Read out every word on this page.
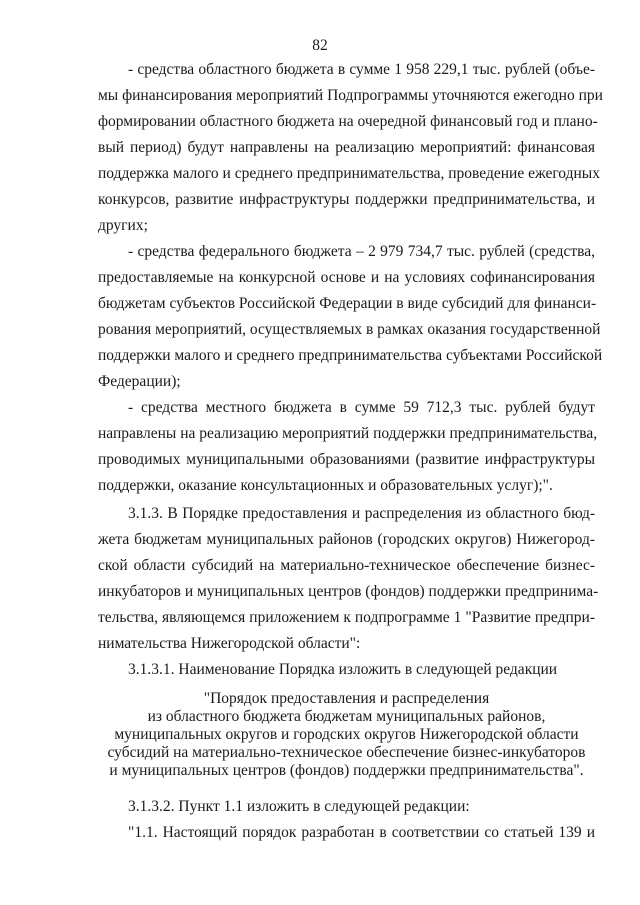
82
- средства областного бюджета в сумме 1 958 229,1 тыс. рублей (объе-
мы финансирования мероприятий Подпрограммы уточняются ежегодно при
формировании областного бюджета на очередной финансовый год и плано-
вый период) будут направлены на реализацию мероприятий: финансовая
поддержка малого и среднего предпринимательства, проведение ежегодных
конкурсов, развитие инфраструктуры поддержки предпринимательства, и
других;
- средства федерального бюджета – 2 979 734,7 тыс. рублей (средства,
предоставляемые на конкурсной основе и на условиях софинансирования
бюджетам субъектов Российской Федерации в виде субсидий для финанси-
рования мероприятий, осуществляемых в рамках оказания государственной
поддержки малого и среднего предпринимательства субъектами Российской
Федерации);
- средства местного бюджета в сумме 59 712,3 тыс. рублей будут
направлены на реализацию мероприятий поддержки предпринимательства,
проводимых муниципальными образованиями (развитие инфраструктуры
поддержки, оказание консультационных и образовательных услуг);".
3.1.3. В Порядке предоставления и распределения из областного бюд-
жета бюджетам муниципальных районов (городских округов) Нижегород-
ской области субсидий на материально-техническое обеспечение бизнес-
инкубаторов и муниципальных центров (фондов) поддержки предпринима-
тельства, являющемся приложением к подпрограмме 1 "Развитие предпри-
нимательства Нижегородской области":
3.1.3.1. Наименование Порядка изложить в следующей редакции
"Порядок предоставления и распределения
из областного бюджета бюджетам муниципальных районов,
муниципальных округов и городских округов Нижегородской области
субсидий на материально-техническое обеспечение бизнес-инкубаторов
и муниципальных центров (фондов) поддержки предпринимательства".
3.1.3.2. Пункт 1.1 изложить в следующей редакции:
"1.1. Настоящий порядок разработан в соответствии со статьей 139 и
